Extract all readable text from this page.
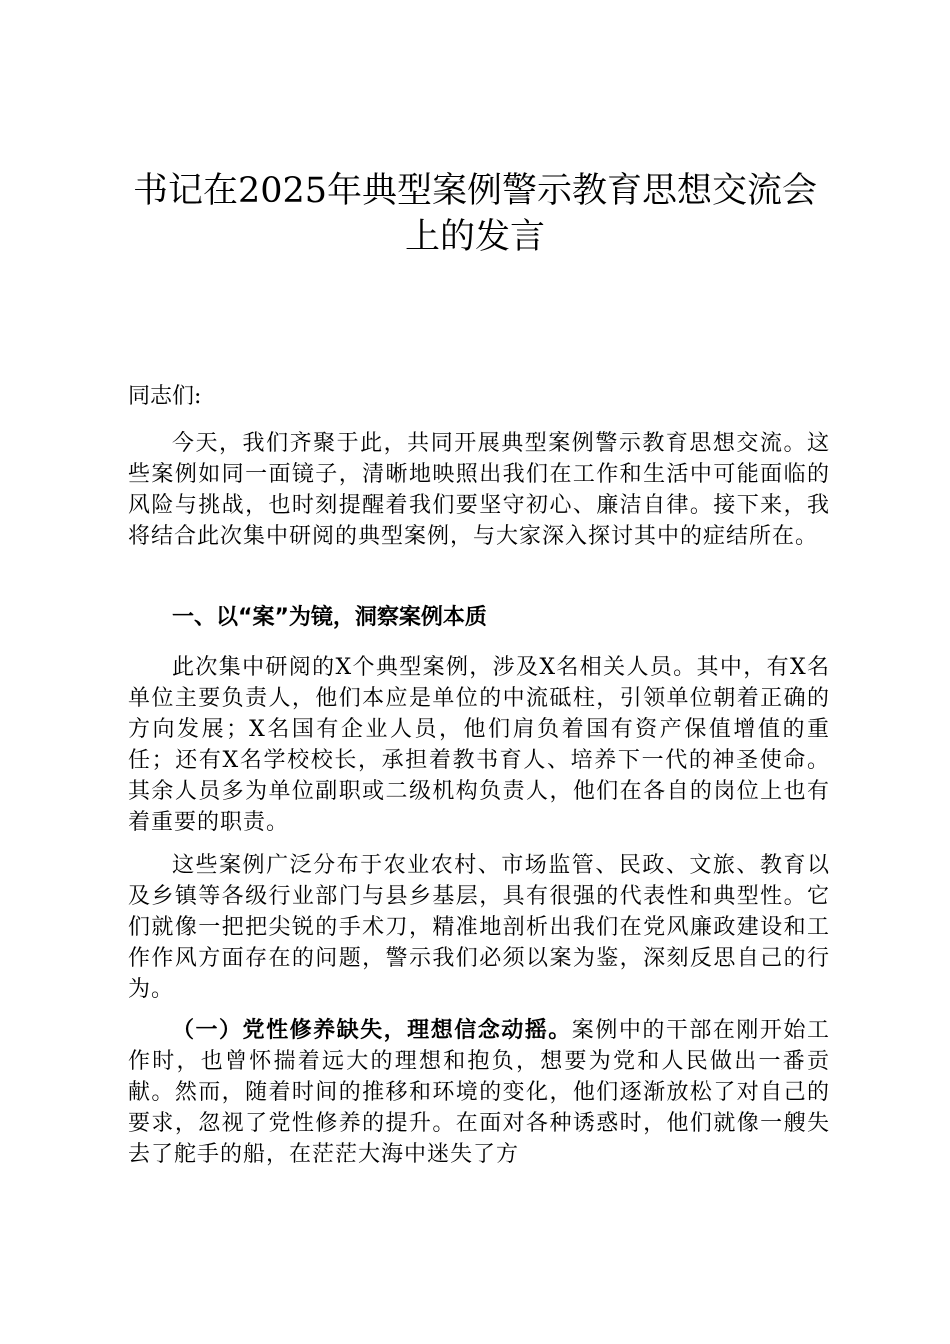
书记在2025年典型案例警示教育思想交流会上的发言

同志们:

今天，我们齐聚于此，共同开展典型案例警示教育思想交流。这些案例如同一面镜子，清晰地映照出我们在工作和生活中可能面临的风险与挑战，也时刻提醒着我们要坚守初心、廉洁自律。接下来，我将结合此次集中研阅的典型案例，与大家深入探讨其中的症结所在。

一、以“案”为镜，洞察案例本质

此次集中研阅的X个典型案例，涉及X名相关人员。其中，有X名单位主要负责人，他们本应是单位的中流砥柱，引领单位朝着正确的方向发展；X名国有企业人员，他们肩负着国有资产保值增值的重任；还有X名学校校长，承担着教书育人、培养下一代的神圣使命。其余人员多为单位副职或二级机构负责人，他们在各自的岗位上也有着重要的职责。

这些案例广泛分布于农业农村、市场监管、民政、文旅、教育以及乡镇等各级行业部门与县乡基层，具有很强的代表性和典型性。它们就像一把把尖锐的手术刀，精准地剖析出我们在党风廉政建设和工作作风方面存在的问题，警示我们必须以案为鉴，深刻反思自己的行为。

（一）党性修养缺失，理想信念动摇。案例中的干部在刚开始工作时，也曾怀揣着远大的理想和抱负，想要为党和人民做出一番贡献。然而，随着时间的推移和环境的变化，他们逐渐放松了对自己的要求，忽视了党性修养的提升。在面对各种诱惑时，他们就像一艘失去了舵手的船，在茫茫大海中迷失了方
